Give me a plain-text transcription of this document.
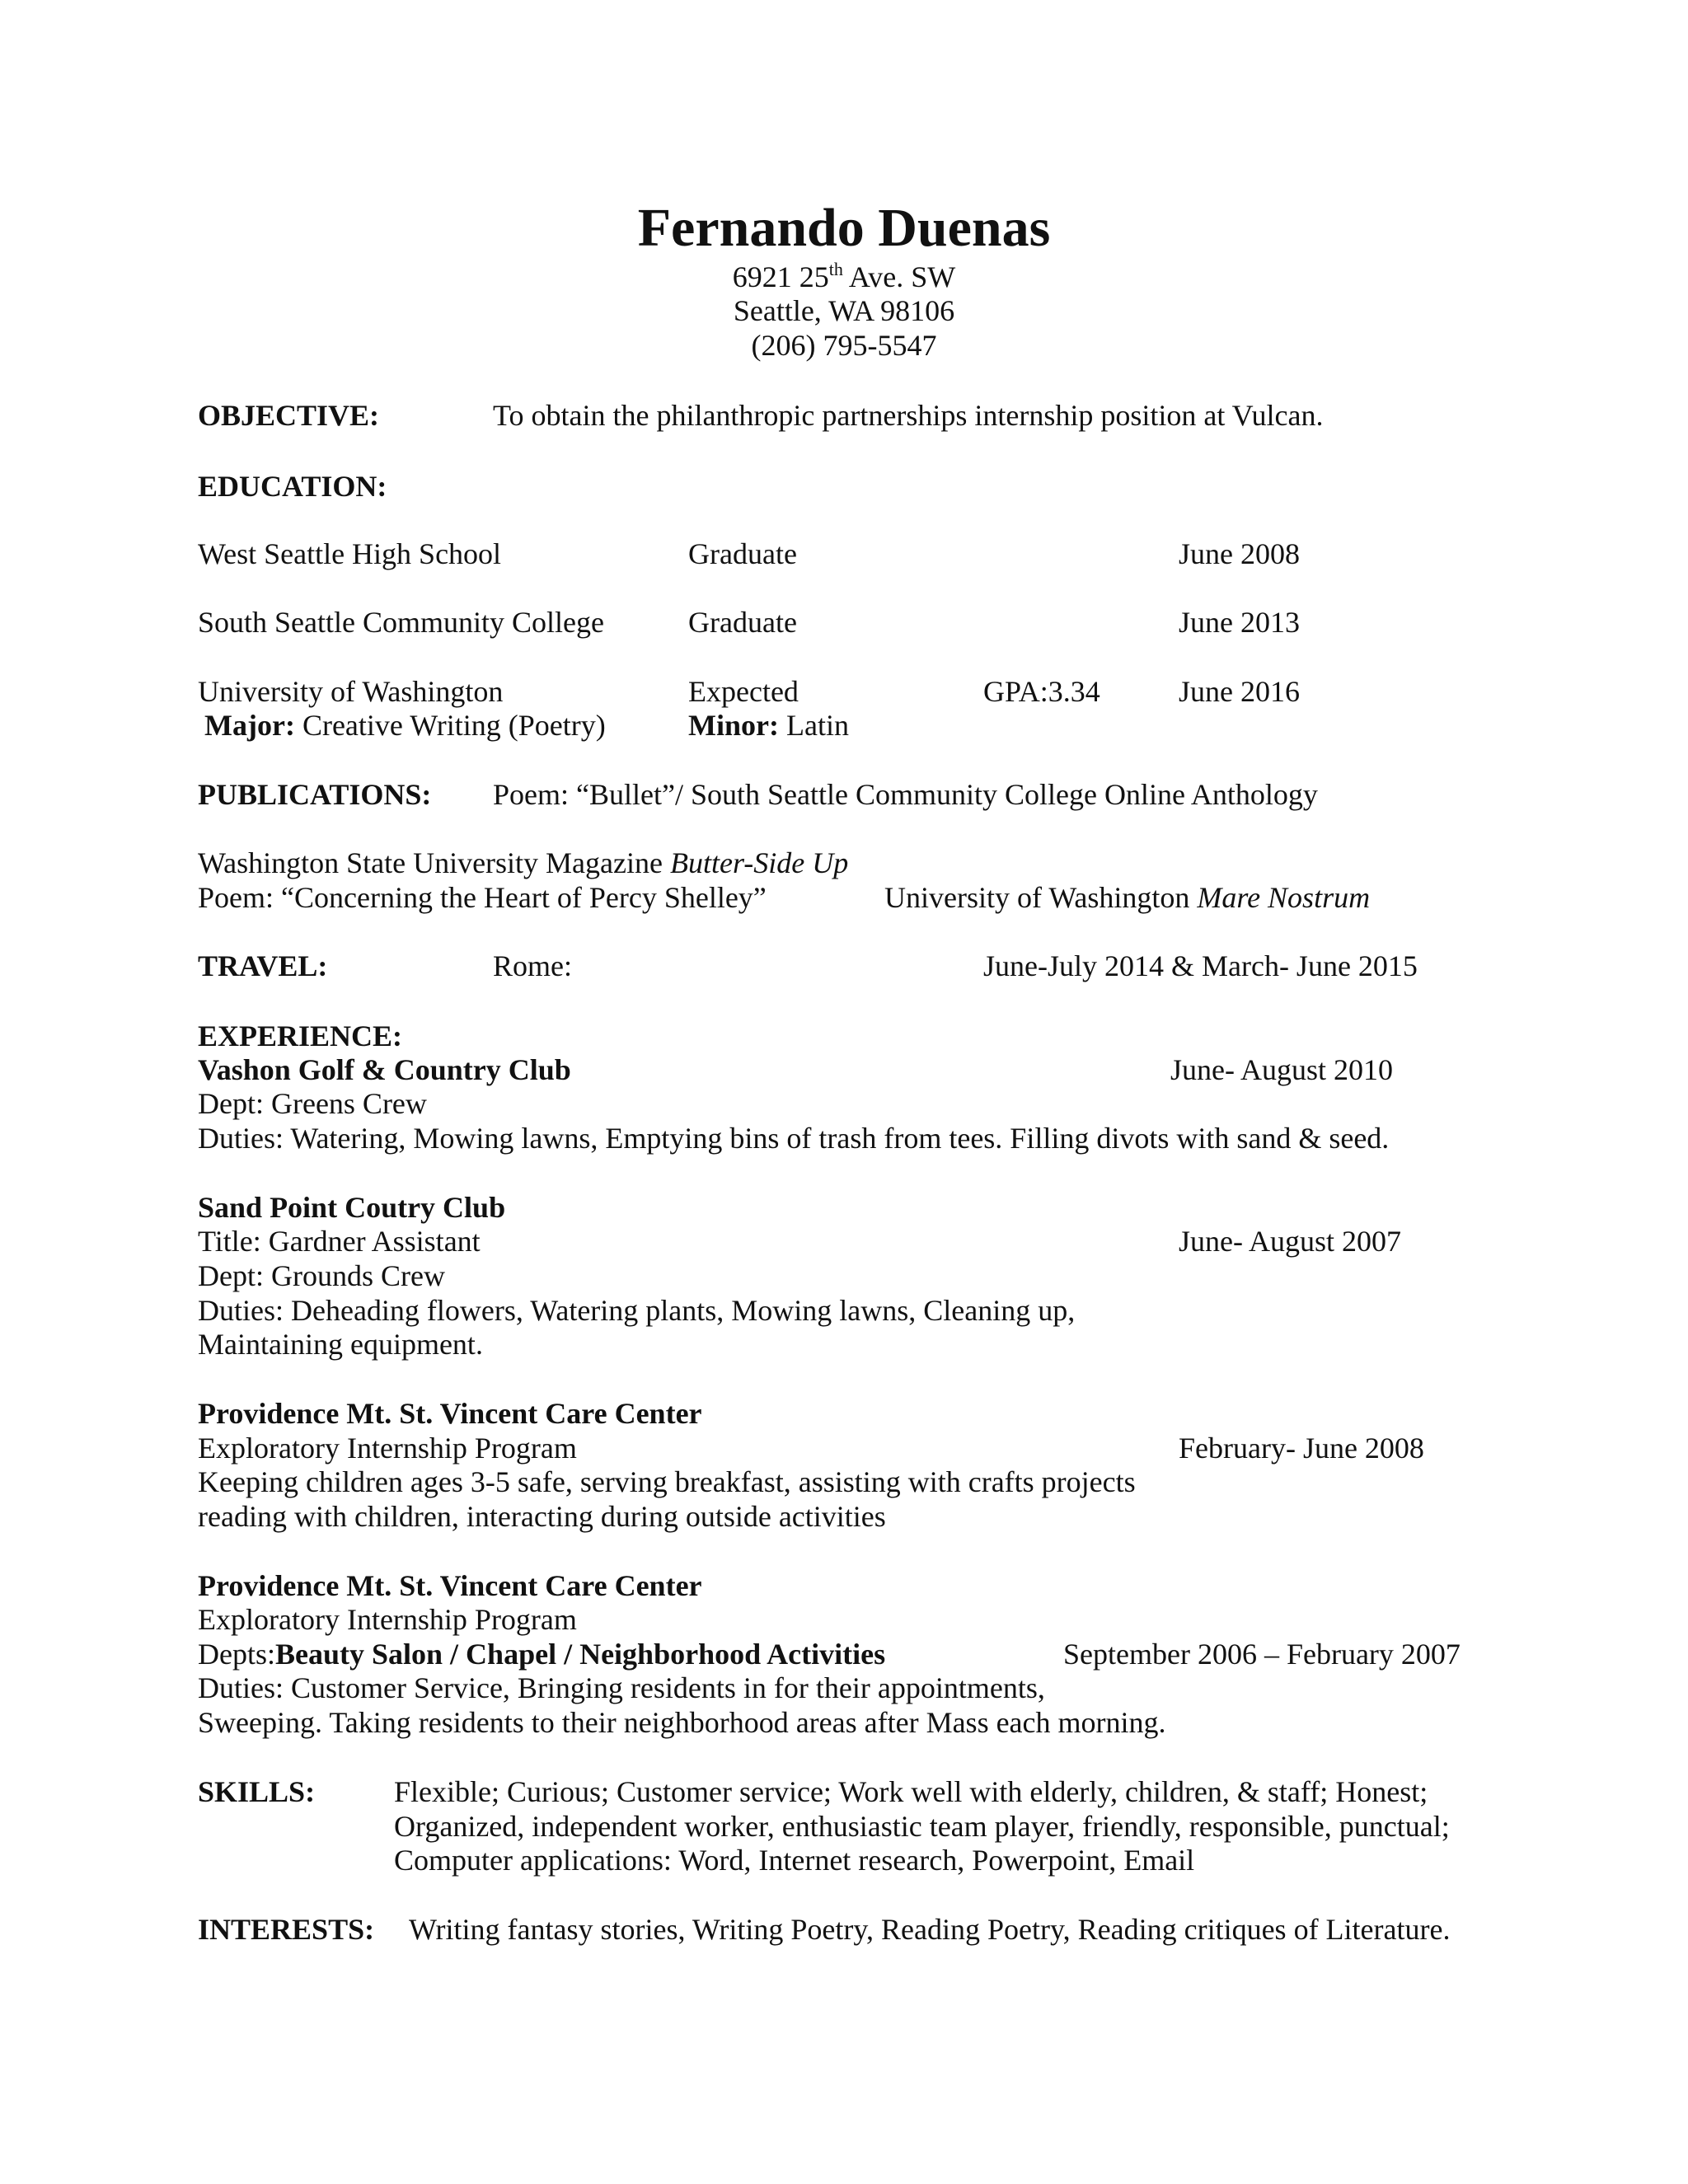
Fernando Duenas
6921 25th Ave. SW
Seattle, WA 98106
(206) 795-5547
OBJECTIVE:	To obtain the philanthropic partnerships internship position at Vulcan.
EDUCATION:
West Seattle High School	Graduate	June 2008
South Seattle Community College	Graduate	June 2013
University of Washington	Expected	GPA:3.34	June 2016
Major: Creative Writing (Poetry)	Minor: Latin
PUBLICATIONS: Poem: “Bullet”/ South Seattle Community College Online Anthology
Washington State University Magazine Butter-Side Up
Poem: “Concerning the Heart of Percy Shelley”	University of Washington Mare Nostrum
TRAVEL:	Rome:	June-July 2014 & March- June 2015
EXPERIENCE:
Vashon Golf & Country Club	June- August 2010
Dept: Greens Crew
Duties: Watering, Mowing lawns, Emptying bins of trash from tees. Filling divots with sand & seed.
Sand Point Coutry Club
Title: Gardner Assistant	June- August 2007
Dept: Grounds Crew
Duties: Deheading flowers, Watering plants, Mowing lawns, Cleaning up,
Maintaining equipment.
Providence Mt. St. Vincent Care Center
Exploratory Internship Program	February- June 2008
Keeping children ages 3-5 safe, serving breakfast, assisting with crafts projects
reading with children, interacting during outside activities
Providence Mt. St. Vincent Care Center
Exploratory Internship Program
Depts:Beauty Salon / Chapel / Neighborhood Activities	September 2006 – February 2007
Duties: Customer Service, Bringing residents in for their appointments,
Sweeping. Taking residents to their neighborhood areas after Mass each morning.
SKILLS:	Flexible; Curious; Customer service; Work well with elderly, children, & staff; Honest;
Organized, independent worker, enthusiastic team player, friendly, responsible, punctual;
Computer applications: Word, Internet research, Powerpoint, Email
INTERESTS: Writing fantasy stories, Writing Poetry, Reading Poetry, Reading critiques of Literature.
